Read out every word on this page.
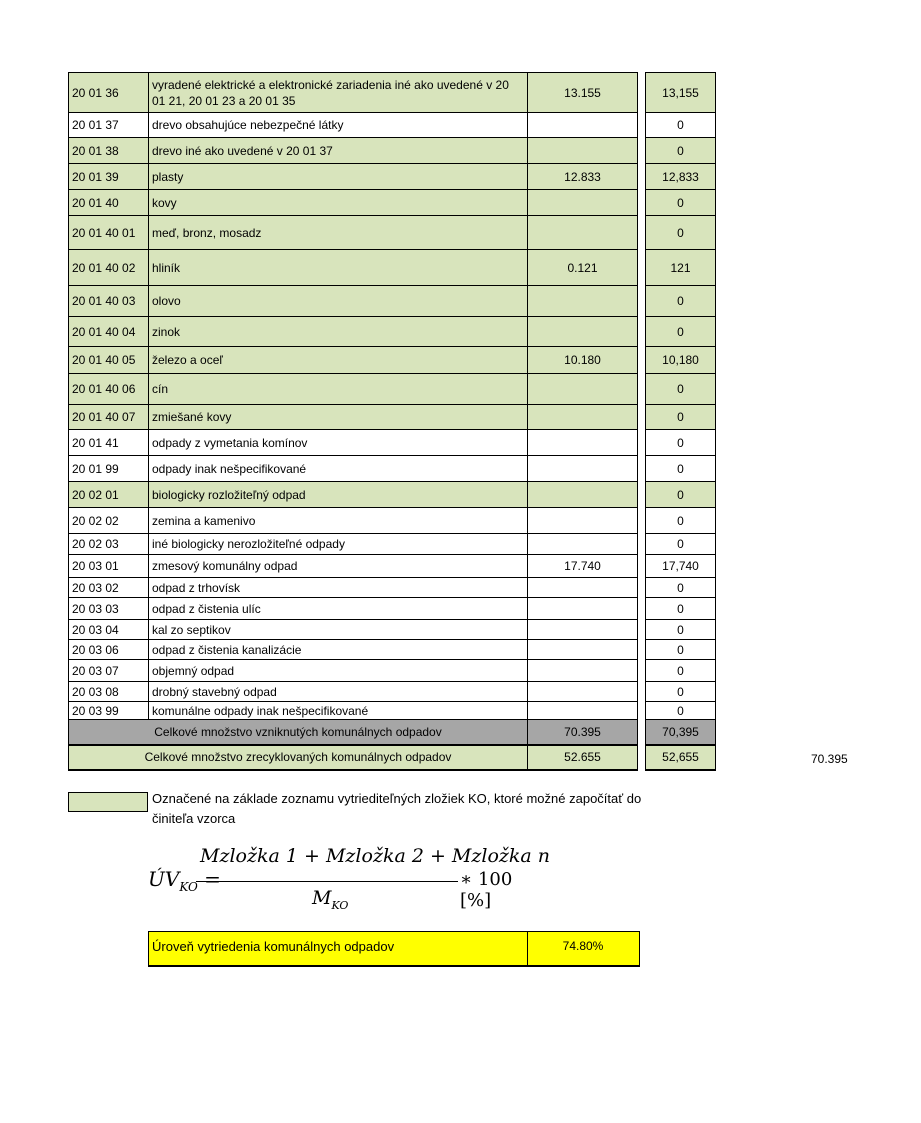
20 01 36	vyradené elektrické a elektronické zariadenia iné ako uvedené v 20 01 21, 20 01 23 a 20 01 35	13.155		13,155
20 01 37	drevo obsahujúce nebezpečné látky			0
20 01 38	drevo iné ako uvedené v 20 01 37			0
20 01 39	plasty	12.833		12,833
20 01 40	kovy			0
20 01 40 01	meď, bronz, mosadz			0
20 01 40 02	hliník	0.121		121
20 01 40 03	olovo			0
20 01 40 04	zinok			0
20 01 40 05	železo a oceľ	10.180		10,180
20 01 40 06	cín			0
20 01 40 07	zmiešané kovy			0
20 01 41	odpady z vymetania komínov			0
20 01 99	odpady inak nešpecifikované			0
20 02 01	biologicky rozložiteľný odpad			0
20 02 02	zemina a kamenivo			0
20 02 03	iné biologicky nerozložiteľné odpady			0
20 03 01	zmesový komunálny odpad	17.740		17,740
20 03 02	odpad z trhovísk			0
20 03 03	odpad z čistenia ulíc			0
20 03 04	kal zo septikov			0
20 03 06	odpad z čistenia kanalizácie			0
20 03 07	objemný odpad			0
20 03 08	drobný stavebný odpad			0
20 03 99	komunálne odpady inak nešpecifikované			0
Celkové množstvo vzniknutých komunálnych odpadov		70.395		70,395
Celkové množstvo zrecyklovaných komunálnych odpadov		52.655		52,655	70.395
Označené na základe zoznamu vytriediteľných zložiek KO, ktoré možné započítať do činiteľa vzorca
$ÚV_{KO}$ =
Mzložka 1 + Mzložka 2 + Mzložka n
$M_{KO}$
∗ 100 [%]
Úroveň vytriedenia komunálnych odpadov	74.80%
